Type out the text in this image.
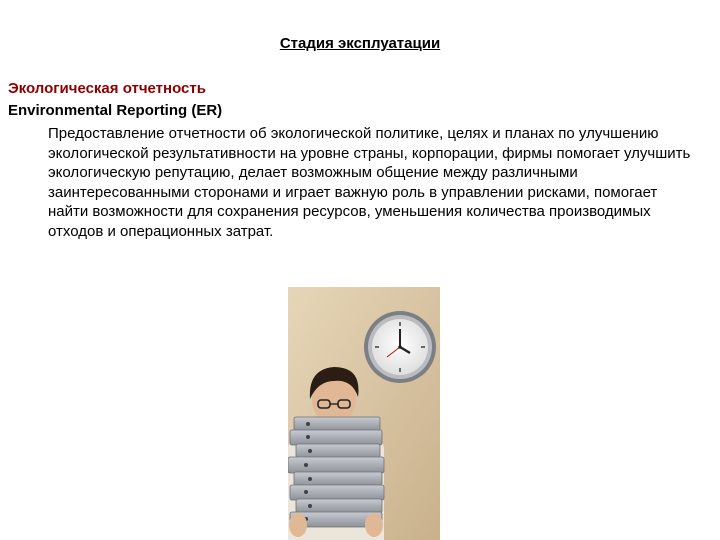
Стадия эксплуатации
Экологическая отчетность
Environmental Reporting (ER)
Предоставление отчетности об экологической политике, целях и планах по улучшению экологической результативности на уровне страны, корпорации, фирмы помогает улучшить экологическую репутацию, делает возможным общение между различными заинтересованными сторонами и играет важную роль в управлении рисками, помогает найти возможности для сохранения ресурсов, уменьшения количества производимых отходов и операционных затрат.
